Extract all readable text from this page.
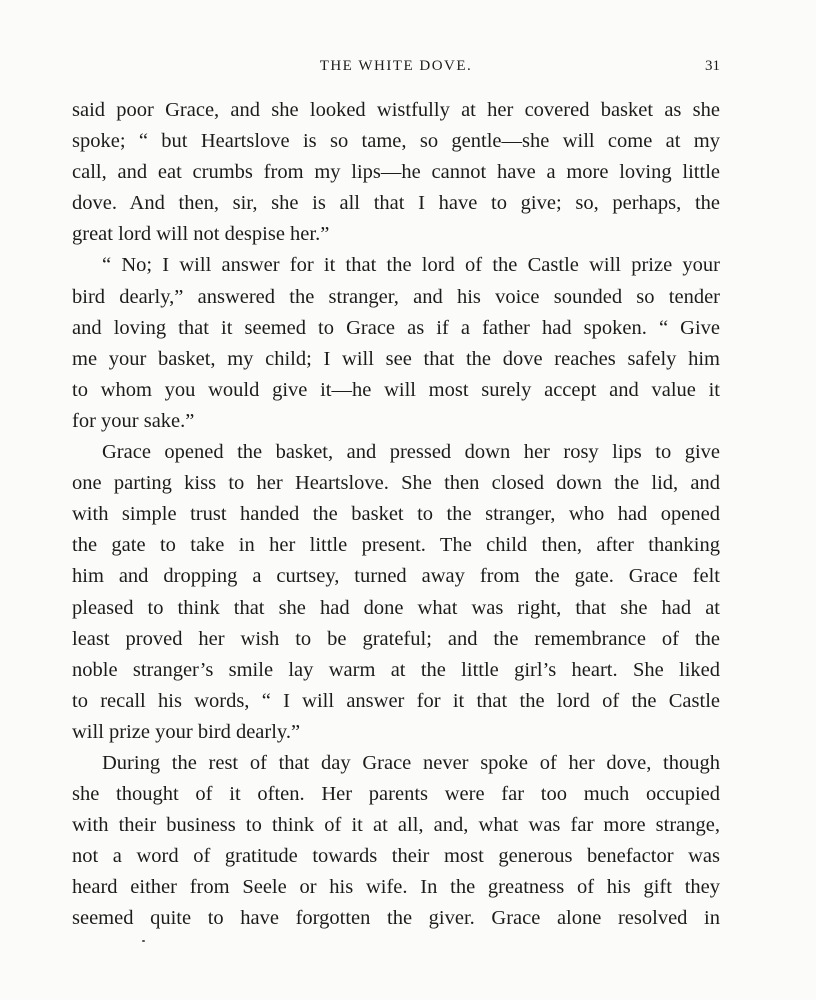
THE WHITE DOVE.	31

said poor Grace, and she looked wistfully at her covered basket as she
spoke; “ but Heartslove is so tame, so gentle—she will come at my
call, and eat crumbs from my lips—he cannot have a more loving little
dove. And then, sir, she is all that I have to give; so, perhaps, the
great lord will not despise her.”

“ No; I will answer for it that the lord of the Castle will prize your

bird dearly,” answered the stranger, and his voice sounded so tender
and loving that it seemed to Grace as if a father had spoken. “ Give
me your basket, my child; I will see that the dove reaches safely him
to whom you would give it—he will most surely accept and value it
for your sake.”

Grace opened the basket, and pressed down her rosy lips to give

one parting kiss to her Heartslove. She then closed down the lid, and
with simple trust handed the basket to the stranger, who had opened
the gate to take in her little present. The child then, after thanking
him and dropping a curtsey, turned away from the gate. Grace felt
pleased to think that she had done what was right, that she had at
least proved her wish to be grateful; and the remembrance of the
noble stranger’s smile lay warm at the little girl’s heart. She liked
to recall his words, “ I will answer for it that the lord of the Castle
will prize your bird dearly.”

During the rest of that day Grace never spoke of her dove, though

she thought of it often. Her parents were far too much occupied
with their business to think of it at all, and, what was far more strange,
not a word of gratitude towards their most generous benefactor was
heard either from Seele or his wife. In the greatness of his gift they
seemed quite to have forgotten the giver. Grace alone resolved in
